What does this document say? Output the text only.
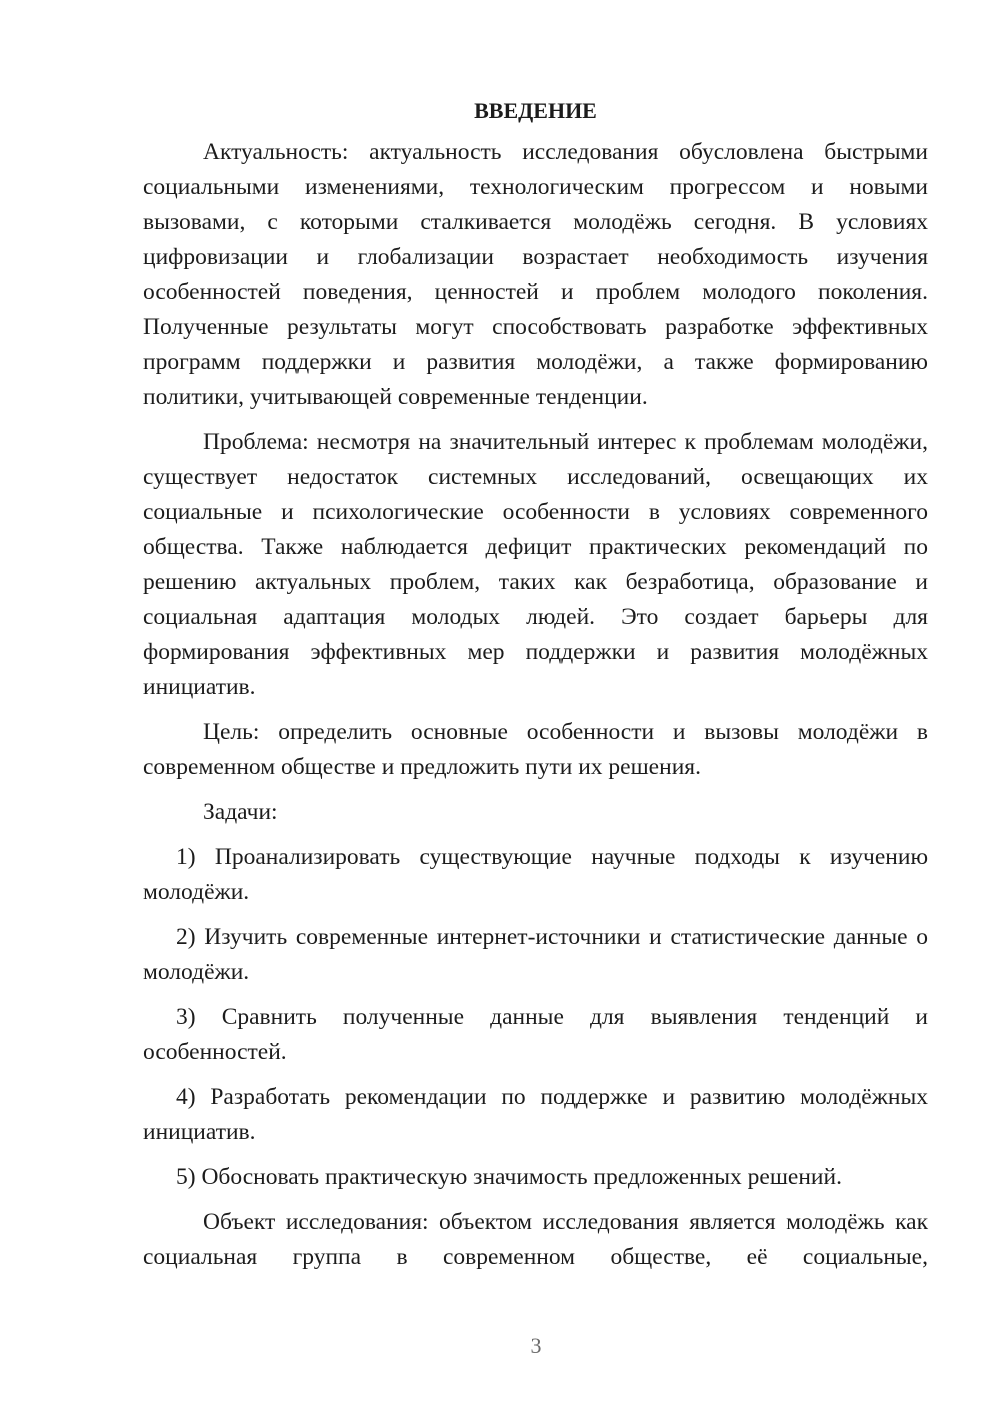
ВВЕДЕНИЕ

Актуальность: актуальность исследования обусловлена быстрыми социальными изменениями, технологическим прогрессом и новыми вызовами, с которыми сталкивается молодёжь сегодня. В условиях цифровизации и глобализации возрастает необходимость изучения особенностей поведения, ценностей и проблем молодого поколения. Полученные результаты могут способствовать разработке эффективных программ поддержки и развития молодёжи, а также формированию политики, учитывающей современные тенденции.

Проблема: несмотря на значительный интерес к проблемам молодёжи, существует недостаток системных исследований, освещающих их социальные и психологические особенности в условиях современного общества. Также наблюдается дефицит практических рекомендаций по решению актуальных проблем, таких как безработица, образование и социальная адаптация молодых людей. Это создает барьеры для формирования эффективных мер поддержки и развития молодёжных инициатив.

Цель: определить основные особенности и вызовы молодёжи в современном обществе и предложить пути их решения.

Задачи:

1) Проанализировать существующие научные подходы к изучению молодёжи.

2) Изучить современные интернет-источники и статистические данные о молодёжи.

3) Сравнить полученные данные для выявления тенденций и особенностей.

4) Разработать рекомендации по поддержке и развитию молодёжных инициатив.

5) Обосновать практическую значимость предложенных решений.

Объект исследования: объектом исследования является молодёжь как социальная группа в современном обществе, её социальные,

3
